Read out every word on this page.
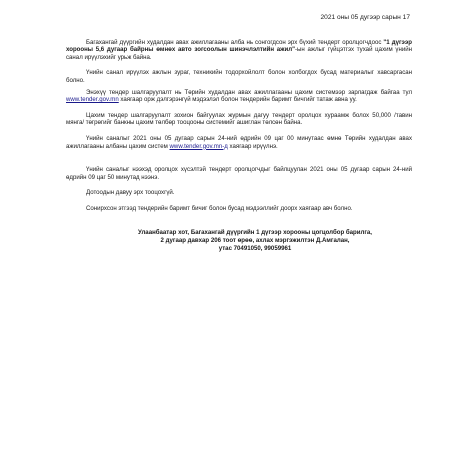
2021 оны 05 дугээр сарын 17

Багахангай дүүргийн худалдан авах ажиллагааны алба нь сонгогдсон эрх бүхий тендерт оролцогчдоос "1 дүгээр хорооны 5,6 дугаар байрны өмнөх авто зогсоолын шинэчлэлтийн ажил"-ын ажлыг гүйцэтгэх тухай цахим үнийн санал ирүүлэхийг урьж байна.

Үнийн санал ирүүлэх ажлын зураг, техникийн тодорхойлолт болон холбогдох бусад материалыг хавсаргасан болно.

Энэхүү тендер шалгаруулалт нь Төрийн худалдан авах ажиллагааны цахим системээр зарлагдаж байгаа тул www.tender.gov.mn хаягаар орж дэлгэрэнгүй мэдээлэл болон тендерийн баримт бичгийг татаж авна уу.

Цахим тендер шалгаруулалт зохион байгуулах журмын дагуу тендерт оролцох хураамж болох 50,000 /тавин мянга/ төгрөгийг банкны цахим төлбөр тооцооны системийг ашиглан төлсөн байна.

Үнийн саналыг 2021 оны 05 дугаар сарын 24-ний өдрийн 09 цаг 00 минутаас өмнө Төрийн худалдан авах ажиллагааны албаны цахим систем www.tender.gov.mn-д хаягаар ирүүлнэ.

Үнийн саналыг нээхэд оролцох хүсэлтэй тендерт оролцогчдыг байлцуулан 2021 оны 05 дугаар сарын 24-ний өдрийн 09 цаг 50 минутад нээнэ.

Дотоодын давуу эрх тооцохгүй.

Сонирхсон этгээд тендерийн баримт бичиг болон бусад мэдээллийг доорх хаягаар авч болно.

Улаанбаатар хот, Багахангай дүүргийн 1 дүгээр хорооны цогцолбор барилга,
2 дугаар давхар 206 тоот өрөө, ахлах мэргэжилтэн Д.Амгалан,
утас 70491050, 99059961
